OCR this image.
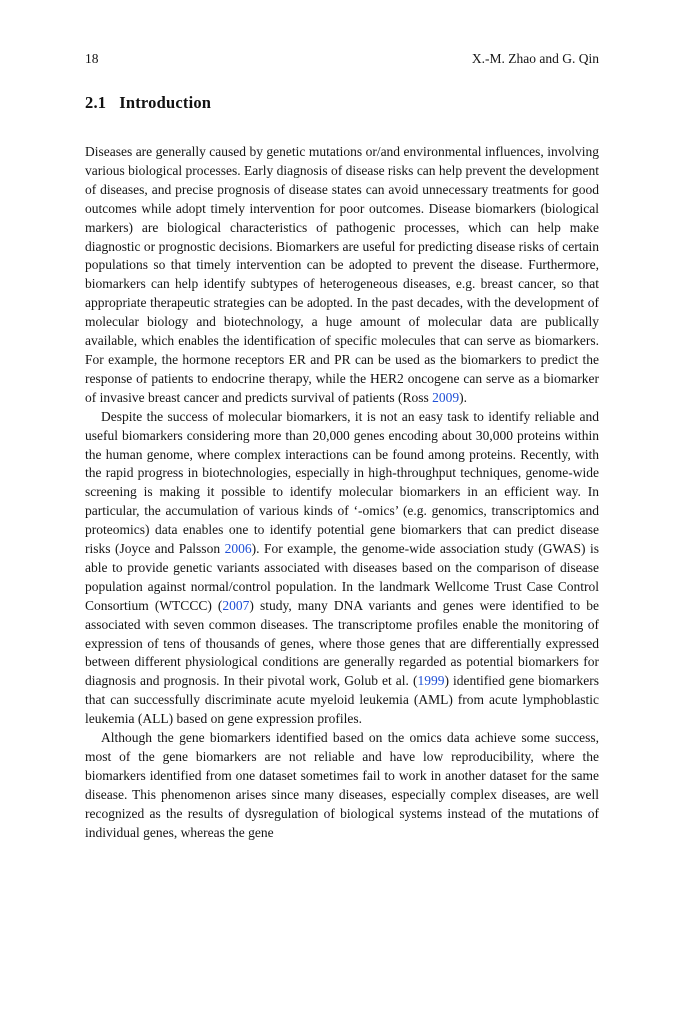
18	X.-M. Zhao and G. Qin
2.1 Introduction

Diseases are generally caused by genetic mutations or/and environmental influences, involving various biological processes. Early diagnosis of disease risks can help prevent the development of diseases, and precise prognosis of disease states can avoid unnecessary treatments for good outcomes while adopt timely intervention for poor outcomes. Disease biomarkers (biological markers) are biological characteristics of pathogenic processes, which can help make diagnostic or prognostic decisions. Biomarkers are useful for predicting disease risks of certain populations so that timely intervention can be adopted to prevent the disease. Furthermore, biomarkers can help identify subtypes of heterogeneous diseases, e.g. breast cancer, so that appropriate therapeutic strategies can be adopted. In the past decades, with the development of molecular biology and biotechnology, a huge amount of molecular data are publically available, which enables the identification of specific molecules that can serve as biomarkers. For example, the hormone receptors ER and PR can be used as the biomarkers to predict the response of patients to endocrine therapy, while the HER2 oncogene can serve as a biomarker of invasive breast cancer and predicts survival of patients (Ross 2009).

Despite the success of molecular biomarkers, it is not an easy task to identify reliable and useful biomarkers considering more than 20,000 genes encoding about 30,000 proteins within the human genome, where complex interactions can be found among proteins. Recently, with the rapid progress in biotechnologies, especially in high-throughput techniques, genome-wide screening is making it possible to identify molecular biomarkers in an efficient way. In particular, the accumulation of various kinds of ‘-omics’ (e.g. genomics, transcriptomics and proteomics) data enables one to identify potential gene biomarkers that can predict disease risks (Joyce and Palsson 2006). For example, the genome-wide association study (GWAS) is able to provide genetic variants associated with diseases based on the comparison of disease population against normal/control population. In the landmark Wellcome Trust Case Control Consortium (WTCCC) (2007) study, many DNA variants and genes were identified to be associated with seven common diseases. The transcriptome profiles enable the monitoring of expression of tens of thousands of genes, where those genes that are differentially expressed between different physiological conditions are generally regarded as potential biomarkers for diagnosis and prognosis. In their pivotal work, Golub et al. (1999) identified gene biomarkers that can successfully discriminate acute myeloid leukemia (AML) from acute lymphoblastic leukemia (ALL) based on gene expression profiles.

Although the gene biomarkers identified based on the omics data achieve some success, most of the gene biomarkers are not reliable and have low reproducibility, where the biomarkers identified from one dataset sometimes fail to work in another dataset for the same disease. This phenomenon arises since many diseases, especially complex diseases, are well recognized as the results of dysregulation of biological systems instead of the mutations of individual genes, whereas the gene
